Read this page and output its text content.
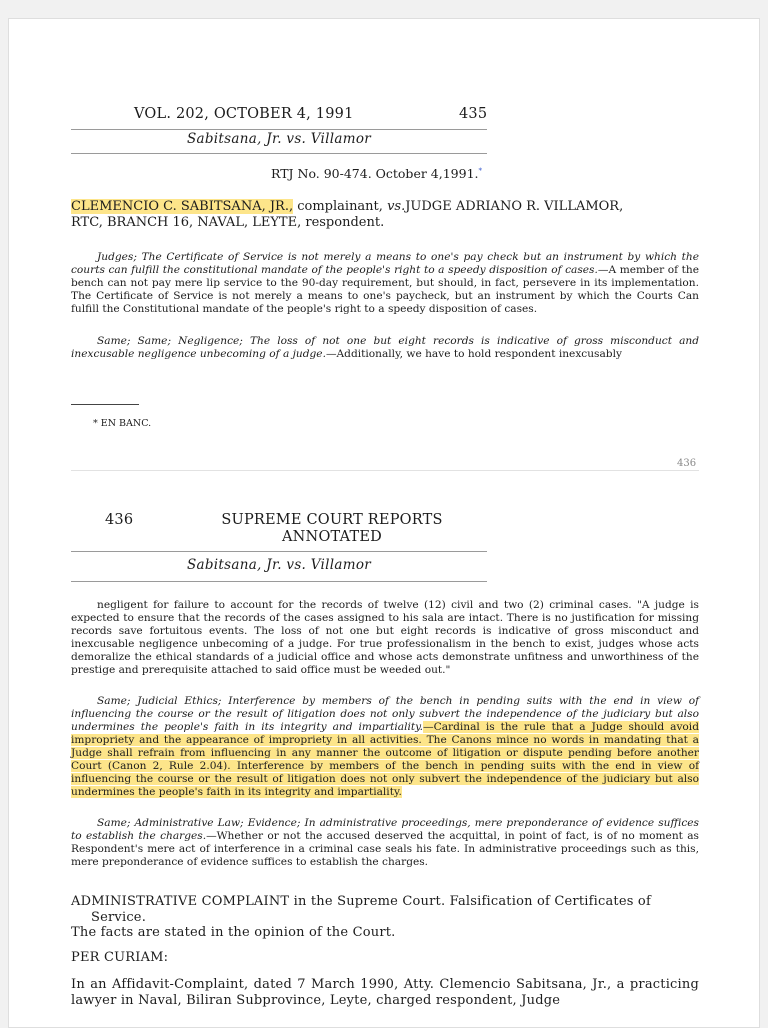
VOL. 202, OCTOBER 4, 1991	435
Sabitsana, Jr. vs. Villamor
RTJ No. 90-474. October 4,1991.*
CLEMENCIO C. SABITSANA, JR., complainant, vs.JUDGE ADRIANO R. VILLAMOR,
RTC, BRANCH 16, NAVAL, LEYTE, respondent.

Judges; The Certificate of Service is not merely a means to one's pay check but an instrument by which the courts can fulfill the constitutional mandate of the people's right to a speedy disposition of cases.—A member of the bench can not pay mere lip service to the 90-day requirement, but should, in fact, persevere in its implementation. The Certificate of Service is not merely a means to one's paycheck, but an instrument by which the Courts Can fulfill the Constitutional mandate of the people's right to a speedy disposition of cases.

Same; Same; Negligence; The loss of not one but eight records is indicative of gross misconduct and inexcusable negligence unbecoming of a judge.—Additionally, we have to hold respondent inexcusably

* EN BANC.
436
436	SUPREME COURT REPORTS
ANNOTATED
Sabitsana, Jr. vs. Villamor

negligent for failure to account for the records of twelve (12) civil and two (2) criminal cases. "A judge is expected to ensure that the records of the cases assigned to his sala are intact. There is no justification for missing records save fortuitous events. The loss of not one but eight records is indicative of gross misconduct and inexcusable negligence unbecoming of a judge. For true professionalism in the bench to exist, judges whose acts demoralize the ethical standards of a judicial office and whose acts demonstrate unfitness and unworthiness of the prestige and prerequisite attached to said office must be weeded out."

Same; Judicial Ethics; Interference by members of the bench in pending suits with the end in view of influencing the course or the result of litigation does not only subvert the independence of the judiciary but also undermines the people's faith in its integrity and impartiality.—Cardinal is the rule that a Judge should avoid impropriety and the appearance of impropriety in all activities. The Canons mince no words in mandating that a Judge shall refrain from influencing in any manner the outcome of litigation or dispute pending before another Court (Canon 2, Rule 2.04). Interference by members of the bench in pending suits with the end in view of influencing the course or the result of litigation does not only subvert the independence of the judiciary but also undermines the people's faith in its integrity and impartiality.

Same; Administrative Law; Evidence; In administrative proceedings, mere preponderance of evidence suffices to establish the charges.—Whether or not the accused deserved the acquittal, in point of fact, is of no moment as Respondent's mere act of interference in a criminal case seals his fate. In administrative proceedings such as this, mere preponderance of evidence suffices to establish the charges.

ADMINISTRATIVE COMPLAINT in the Supreme Court. Falsification of Certificates of
Service.
The facts are stated in the opinion of the Court.
PER CURIAM:
In an Affidavit-Complaint, dated 7 March 1990, Atty. Clemencio Sabitsana, Jr., a practicing lawyer in Naval, Biliran Subprovince, Leyte, charged respondent, Judge
